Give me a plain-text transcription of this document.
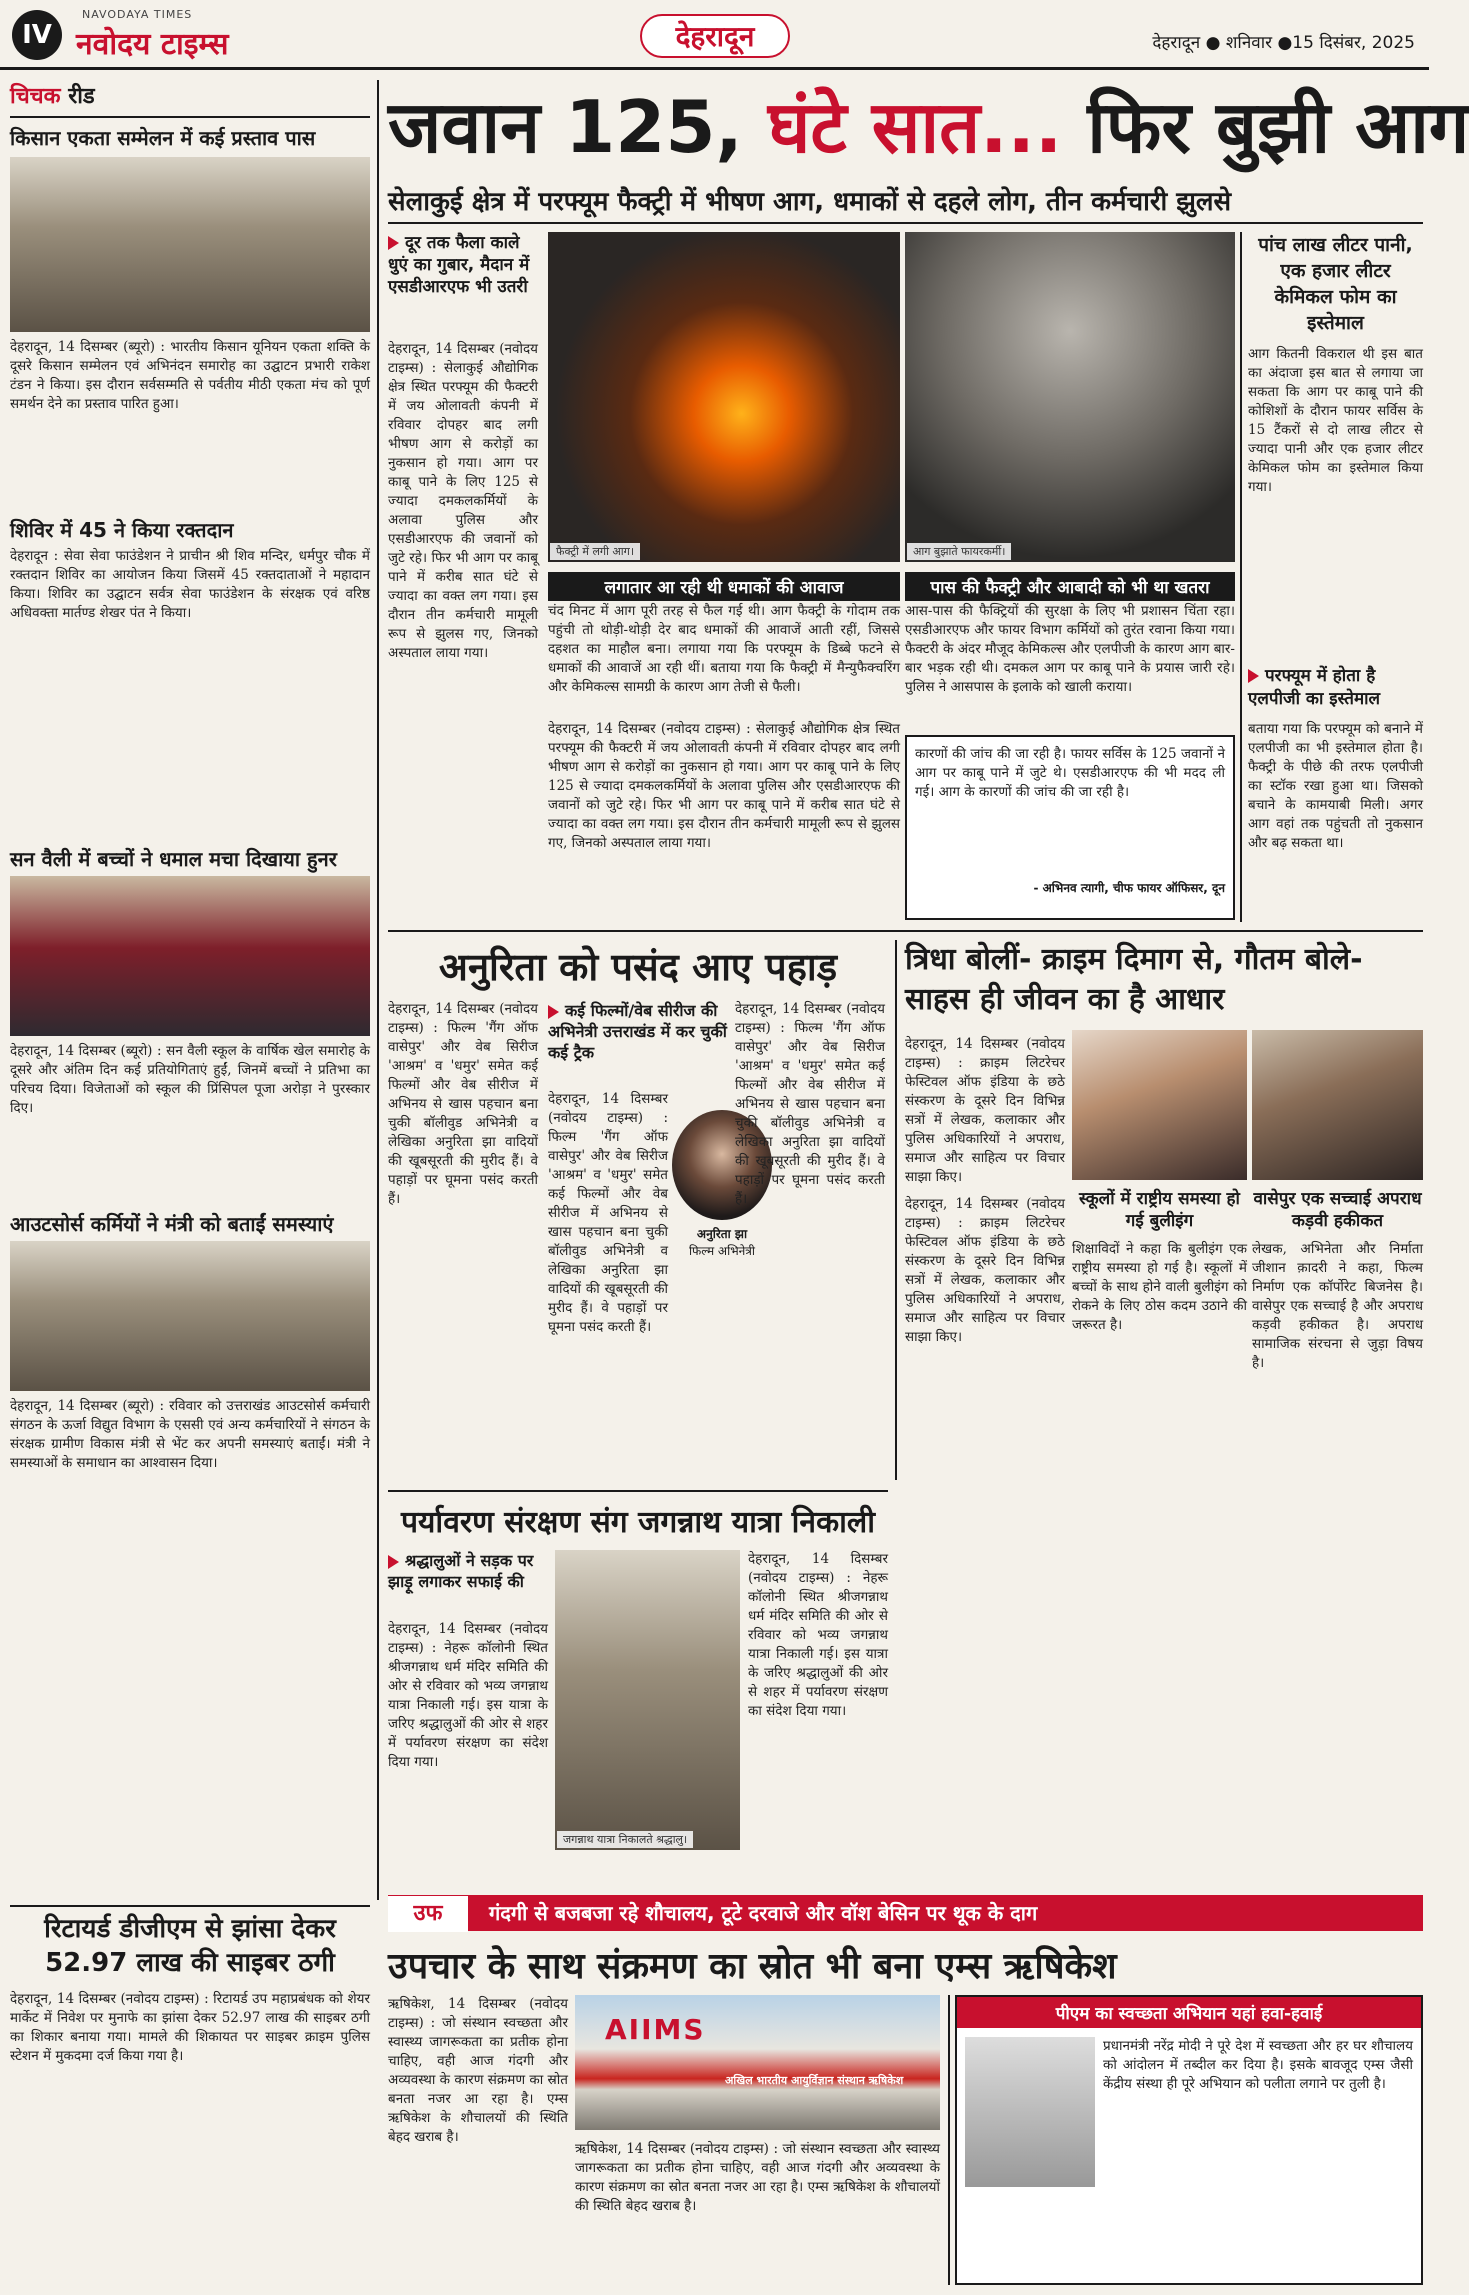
IV
NAVODAYA TIMES
नवोदय टाइम्स	देहरादून	देहरादून ● शनिवार ●15 दिसंबर, 2025
चिचक रीड
किसान एकता सम्मेलन में कई प्रस्ताव पास
देहरादून, 14 दिसम्बर (ब्यूरो) : भारतीय किसान यूनियन एकता शक्ति के दूसरे किसान सम्मेलन एवं अभिनंदन समारोह का उद्घाटन प्रभारी राकेश टंडन ने किया। इस दौरान सर्वसम्मति से पर्वतीय मीठी एकता मंच को पूर्ण समर्थन देने का प्रस्ताव पारित हुआ।
शिविर में 45 ने किया रक्तदान
देहरादून : सेवा सेवा फाउंडेशन ने प्राचीन श्री शिव मन्दिर, धर्मपुर चौक में रक्तदान शिविर का आयोजन किया जिसमें 45 रक्तदाताओं ने महादान किया। शिविर का उद्घाटन सर्वत्र सेवा फाउंडेशन के संरक्षक एवं वरिष्ठ अधिवक्ता मार्तण्ड शेखर पंत ने किया।
सन वैली में बच्चों ने धमाल मचा दिखाया हुनर
देहरादून, 14 दिसम्बर (ब्यूरो) : सन वैली स्कूल के वार्षिक खेल समारोह के दूसरे और अंतिम दिन कई प्रतियोगिताएं हुईं, जिनमें बच्चों ने प्रतिभा का परिचय दिया। विजेताओं को स्कूल की प्रिंसिपल पूजा अरोड़ा ने पुरस्कार दिए।
आउटसोर्स कर्मियों ने मंत्री को बताईं समस्याएं
देहरादून, 14 दिसम्बर (ब्यूरो) : रविवार को उत्तराखंड आउटसोर्स कर्मचारी संगठन के ऊर्जा विद्युत विभाग के एससी एवं अन्य कर्मचारियों ने संगठन के संरक्षक ग्रामीण विकास मंत्री से भेंट कर अपनी समस्याएं बताईं। मंत्री ने समस्याओं के समाधान का आश्वासन दिया।
जवान 125, घंटे सात... फिर बुझी आग
सेलाकुई क्षेत्र में परफ्यूम फैक्ट्री में भीषण आग, धमाकों से दहले लोग, तीन कर्मचारी झुलसे
दूर तक फैला काले धुएं का गुबार, मैदान में एसडीआरएफ भी उतरी
देहरादून, 14 दिसम्बर (नवोदय टाइम्स) : सेलाकुई औद्योगिक क्षेत्र स्थित परफ्यूम की फैक्टरी में जय ओलावती कंपनी में रविवार दोपहर बाद लगी भीषण आग से करोड़ों का नुकसान हो गया। आग पर काबू पाने के लिए 125 से ज्यादा दमकलकर्मियों के अलावा पुलिस और एसडीआरएफ की जवानों को जुटे रहे। फिर भी आग पर काबू पाने में करीब सात घंटे से ज्यादा का वक्त लग गया। इस दौरान तीन कर्मचारी मामूली रूप से झुलस गए, जिनको अस्पताल लाया गया।
फैक्ट्री में लगी आग।	आग बुझाते फायरकर्मी।
लगातार आ रही थी धमाकों की आवाज
चंद मिनट में आग पूरी तरह से फैल गई थी। आग फैक्ट्री के गोदाम तक पहुंची तो थोड़ी-थोड़ी देर बाद धमाकों की आवाजें आती रहीं, जिससे दहशत का माहौल बना। लगाया गया कि परफ्यूम के डिब्बे फटने से धमाकों की आवाजें आ रही थीं। बताया गया कि फैक्ट्री में मैन्युफैक्चरिंग और केमिकल्स सामग्री के कारण आग तेजी से फैली।
पास की फैक्ट्री और आबादी को भी था खतरा
आस-पास की फैक्ट्रियों की सुरक्षा के लिए भी प्रशासन चिंता रहा। एसडीआरएफ और फायर विभाग कर्मियों को तुरंत रवाना किया गया। फैक्टरी के अंदर मौजूद केमिकल्स और एलपीजी के कारण आग बार-बार भड़क रही थी। दमकल आग पर काबू पाने के प्रयास जारी रहे। पुलिस ने आसपास के इलाके को खाली कराया।
देहरादून, 14 दिसम्बर (नवोदय टाइम्स) : सेलाकुई औद्योगिक क्षेत्र स्थित परफ्यूम की फैक्टरी में जय ओलावती कंपनी में रविवार दोपहर बाद लगी भीषण आग से करोड़ों का नुकसान हो गया। आग पर काबू पाने के लिए 125 से ज्यादा दमकलकर्मियों के अलावा पुलिस और एसडीआरएफ की जवानों को जुटे रहे। फिर भी आग पर काबू पाने में करीब सात घंटे से ज्यादा का वक्त लग गया। इस दौरान तीन कर्मचारी मामूली रूप से झुलस गए, जिनको अस्पताल लाया गया।
कारणों की जांच की जा रही है। फायर सर्विस के 125 जवानों ने आग पर काबू पाने में जुटे थे। एसडीआरएफ की भी मदद ली गई। आग के कारणों की जांच की जा रही है।
- अभिनव त्यागी, चीफ फायर ऑफिसर, दून
पांच लाख लीटर पानी, एक हजार लीटर केमिकल फोम का इस्तेमाल
आग कितनी विकराल थी इस बात का अंदाजा इस बात से लगाया जा सकता कि आग पर काबू पाने की कोशिशों के दौरान फायर सर्विस के 15 टैंकरों से दो लाख लीटर से ज्यादा पानी और एक हजार लीटर केमिकल फोम का इस्तेमाल किया गया।
परफ्यूम में होता है एलपीजी का इस्तेमाल
बताया गया कि परफ्यूम को बनाने में एलपीजी का भी इस्तेमाल होता है। फैक्ट्री के पीछे की तरफ एलपीजी का स्टॉक रखा हुआ था। जिसको बचाने के कामयाबी मिली। अगर आग वहां तक पहुंचती तो नुकसान और बढ़ सकता था।
अनुरिता को पसंद आए पहाड़
देहरादून, 14 दिसम्बर (नवोदय टाइम्स) : फिल्म 'गैंग ऑफ वासेपुर' और वेब सिरीज 'आश्रम' व 'धमुर' समेत कई फिल्मों और वेब सीरीज में अभिनय से खास पहचान बना चुकी बॉलीवुड अभिनेत्री व लेखिका अनुरिता झा वादियों की खूबसूरती की मुरीद हैं। वे पहाड़ों पर घूमना पसंद करती हैं।
कई फिल्मों/वेब सीरीज की अभिनेत्री उत्तराखंड में कर चुकीं कई ट्रैक
देहरादून, 14 दिसम्बर (नवोदय टाइम्स) : फिल्म 'गैंग ऑफ वासेपुर' और वेब सिरीज 'आश्रम' व 'धमुर' समेत कई फिल्मों और वेब सीरीज में अभिनय से खास पहचान बना चुकी बॉलीवुड अभिनेत्री व लेखिका अनुरिता झा वादियों की खूबसूरती की मुरीद हैं। वे पहाड़ों पर घूमना पसंद करती हैं।
अनुरिता झा
फिल्म अभिनेत्री
देहरादून, 14 दिसम्बर (नवोदय टाइम्स) : फिल्म 'गैंग ऑफ वासेपुर' और वेब सिरीज 'आश्रम' व 'धमुर' समेत कई फिल्मों और वेब सीरीज में अभिनय से खास पहचान बना चुकी बॉलीवुड अभिनेत्री व लेखिका अनुरिता झा वादियों की खूबसूरती की मुरीद हैं। वे पहाड़ों पर घूमना पसंद करती हैं।
त्रिधा बोलीं- क्राइम दिमाग से, गौतम बोले- साहस ही जीवन का है आधार
देहरादून, 14 दिसम्बर (नवोदय टाइम्स) : क्राइम लिटरेचर फेस्टिवल ऑफ इंडिया के छठे संस्करण के दूसरे दिन विभिन्न सत्रों में लेखक, कलाकार और पुलिस अधिकारियों ने अपराध, समाज और साहित्य पर विचार साझा किए।
स्कूलों में राष्ट्रीय समस्या हो गई बुलीइंग
शिक्षाविदों ने कहा कि बुलीइंग एक राष्ट्रीय समस्या हो गई है। स्कूलों में बच्चों के साथ होने वाली बुलीइंग को रोकने के लिए ठोस कदम उठाने की जरूरत है।
वासेपुर एक सच्चाई अपराध कड़वी हकीकत
लेखक, अभिनेता और निर्माता जीशान क़ादरी ने कहा, फिल्म निर्माण एक कॉर्पोरेट बिजनेस है। वासेपुर एक सच्चाई है और अपराध कड़वी हकीकत है। अपराध सामाजिक संरचना से जुड़ा विषय है।
देहरादून, 14 दिसम्बर (नवोदय टाइम्स) : क्राइम लिटरेचर फेस्टिवल ऑफ इंडिया के छठे संस्करण के दूसरे दिन विभिन्न सत्रों में लेखक, कलाकार और पुलिस अधिकारियों ने अपराध, समाज और साहित्य पर विचार साझा किए।
पर्यावरण संरक्षण संग जगन्नाथ यात्रा निकाली
श्रद्धालुओं ने सड़क पर झाड़ू लगाकर सफाई की
देहरादून, 14 दिसम्बर (नवोदय टाइम्स) : नेहरू कॉलोनी स्थित श्रीजगन्नाथ धर्म मंदिर समिति की ओर से रविवार को भव्य जगन्नाथ यात्रा निकाली गई। इस यात्रा के जरिए श्रद्धालुओं की ओर से शहर में पर्यावरण संरक्षण का संदेश दिया गया।
जगन्नाथ यात्रा निकालते श्रद्धालु।
देहरादून, 14 दिसम्बर (नवोदय टाइम्स) : नेहरू कॉलोनी स्थित श्रीजगन्नाथ धर्म मंदिर समिति की ओर से रविवार को भव्य जगन्नाथ यात्रा निकाली गई। इस यात्रा के जरिए श्रद्धालुओं की ओर से शहर में पर्यावरण संरक्षण का संदेश दिया गया।
रिटायर्ड डीजीएम से झांसा देकर 52.97 लाख की साइबर ठगी
देहरादून, 14 दिसम्बर (नवोदय टाइम्स) : रिटायर्ड उप महाप्रबंधक को शेयर मार्केट में निवेश पर मुनाफे का झांसा देकर 52.97 लाख की साइबर ठगी का शिकार बनाया गया। मामले की शिकायत पर साइबर क्राइम पुलिस स्टेशन में मुकदमा दर्ज किया गया है।
उफ गंदगी से बजबजा रहे शौचालय, टूटे दरवाजे और वॉश बेसिन पर थूक के दाग
उपचार के साथ संक्रमण का स्रोत भी बना एम्स ऋषिकेश
ऋषिकेश, 14 दिसम्बर (नवोदय टाइम्स) : जो संस्थान स्वच्छता और स्वास्थ्य जागरूकता का प्रतीक होना चाहिए, वही आज गंदगी और अव्यवस्था के कारण संक्रमण का स्रोत बनता नजर आ रहा है। एम्स ऋषिकेश के शौचालयों की स्थिति बेहद खराब है।
AIIMS
अखिल भारतीय आयुर्विज्ञान संस्थान ऋषिकेश
ऋषिकेश, 14 दिसम्बर (नवोदय टाइम्स) : जो संस्थान स्वच्छता और स्वास्थ्य जागरूकता का प्रतीक होना चाहिए, वही आज गंदगी और अव्यवस्था के कारण संक्रमण का स्रोत बनता नजर आ रहा है। एम्स ऋषिकेश के शौचालयों की स्थिति बेहद खराब है।
पीएम का स्वच्छता अभियान यहां हवा-हवाई
प्रधानमंत्री नरेंद्र मोदी ने पूरे देश में स्वच्छता और हर घर शौचालय को आंदोलन में तब्दील कर दिया है। इसके बावजूद एम्स जैसी केंद्रीय संस्था ही पूरे अभियान को पलीता लगाने पर तुली है।
